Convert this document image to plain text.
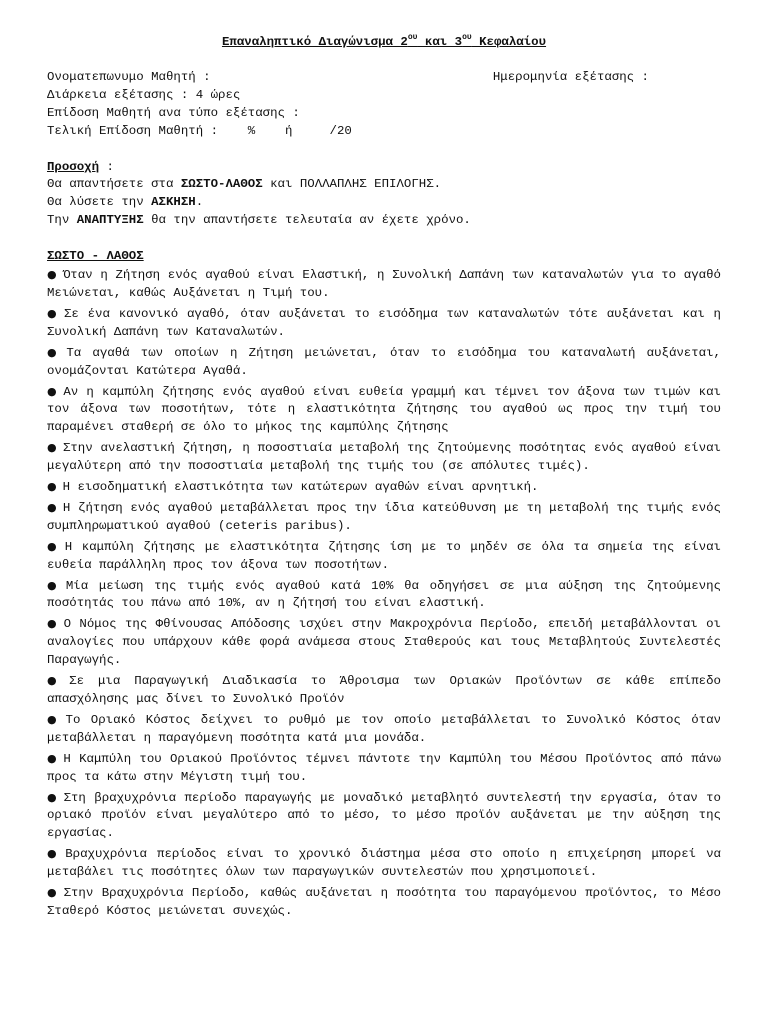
Επαναληπτικό Διαγώνισμα $2^{o\upsilon}$ και $3^{o\upsilon}$ Κεφαλαίου
Ονοματεπωνυμο Μαθητή :	Ημερομηνία εξέτασης :
Διάρκεια εξέτασης : 4 ώρες
Επίδοση Μαθητή ανα τύπο εξέτασης :
Τελική Επίδοση Μαθητή :    %    ή     /20
Προσοχή :
Θα απαντήσετε στα ΣΩΣΤΟ-ΛΑΘΟΣ και ΠΟΛΛΑΠΛΗΣ ΕΠΙΛΟΓΗΣ.
Θα λύσετε την ΑΣΚΗΣΗ.
Την ΑΝΑΠΤΥΞΗΣ θα την απαντήσετε τελευταία αν έχετε χρόνο.
ΣΩΣΤΟ - ΛΑΘΟΣ
● Όταν η Ζήτηση ενός αγαθού είναι Ελαστική, η Συνολική Δαπάνη των καταναλωτών για το αγαθό Μειώνεται, καθώς Αυξάνεται η Τιμή του.
● Σε ένα κανονικό αγαθό, όταν αυξάνεται το εισόδημα των καταναλωτών τότε αυξάνεται και η Συνολική Δαπάνη των Καταναλωτών.
● Τα αγαθά των οποίων η Ζήτηση μειώνεται, όταν το εισόδημα του καταναλωτή αυξάνεται, ονομάζονται Κατώτερα Αγαθά.
● Αν η καμπύλη ζήτησης ενός αγαθού είναι ευθεία γραμμή και τέμνει τον άξονα των τιμών και τον άξονα των ποσοτήτων, τότε η ελαστικότητα ζήτησης του αγαθού ως προς την τιμή του παραμένει σταθερή σε όλο το μήκος της καμπύλης ζήτησης
● Στην ανελαστική ζήτηση, η ποσοστιαία μεταβολή της ζητούμενης ποσότητας ενός αγαθού είναι μεγαλύτερη από την ποσοστιαία μεταβολή της τιμής του (σε απόλυτες τιμές).
● Η εισοδηματική ελαστικότητα των κατώτερων αγαθών είναι αρνητική.
● Η ζήτηση ενός αγαθού μεταβάλλεται προς την ίδια κατεύθυνση με τη μεταβολή της τιμής ενός συμπληρωματικού αγαθού (ceteris paribus).
● Η καμπύλη ζήτησης με ελαστικότητα ζήτησης ίση με το μηδέν σε όλα τα σημεία της είναι ευθεία παράλληλη προς τον άξονα των ποσοτήτων.
● Μία μείωση της τιμής ενός αγαθού κατά 10% θα οδηγήσει σε μια αύξηση της ζητούμενης ποσότητάς του πάνω από 10%, αν η ζήτησή του είναι ελαστική.
● Ο Νόμος της Φθίνουσας Απόδοσης ισχύει στην Μακροχρόνια Περίοδο, επειδή μεταβάλλονται οι αναλογίες που υπάρχουν κάθε φορά ανάμεσα στους Σταθερούς και τους Μεταβλητούς Συντελεστές Παραγωγής.
● Σε μια Παραγωγική Διαδικασία το Άθροισμα των Οριακών Προϊόντων σε κάθε επίπεδο απασχόλησης μας δίνει το Συνολικό Προϊόν
● Το Οριακό Κόστος δείχνει το ρυθμό με τον οποίο μεταβάλλεται το Συνολικό Κόστος όταν μεταβάλλεται η παραγόμενη ποσότητα κατά μια μονάδα.
● Η Καμπύλη του Οριακού Προϊόντος τέμνει πάντοτε την Καμπύλη του Μέσου Προϊόντος από πάνω προς τα κάτω στην Μέγιστη τιμή του.
● Στη βραχυχρόνια περίοδο παραγωγής με μοναδικό μεταβλητό συντελεστή την εργασία, όταν το οριακό προϊόν είναι μεγαλύτερο από το μέσο, το μέσο προϊόν αυξάνεται με την αύξηση της εργασίας.
● Βραχυχρόνια περίοδος είναι το χρονικό διάστημα μέσα στο οποίο η επιχείρηση μπορεί να μεταβάλει τις ποσότητες όλων των παραγωγικών συντελεστών που χρησιμοποιεί.
● Στην Βραχυχρόνια Περίοδο, καθώς αυξάνεται η ποσότητα του παραγόμενου προϊόντος, το Μέσο Σταθερό Κόστος μειώνεται συνεχώς.
